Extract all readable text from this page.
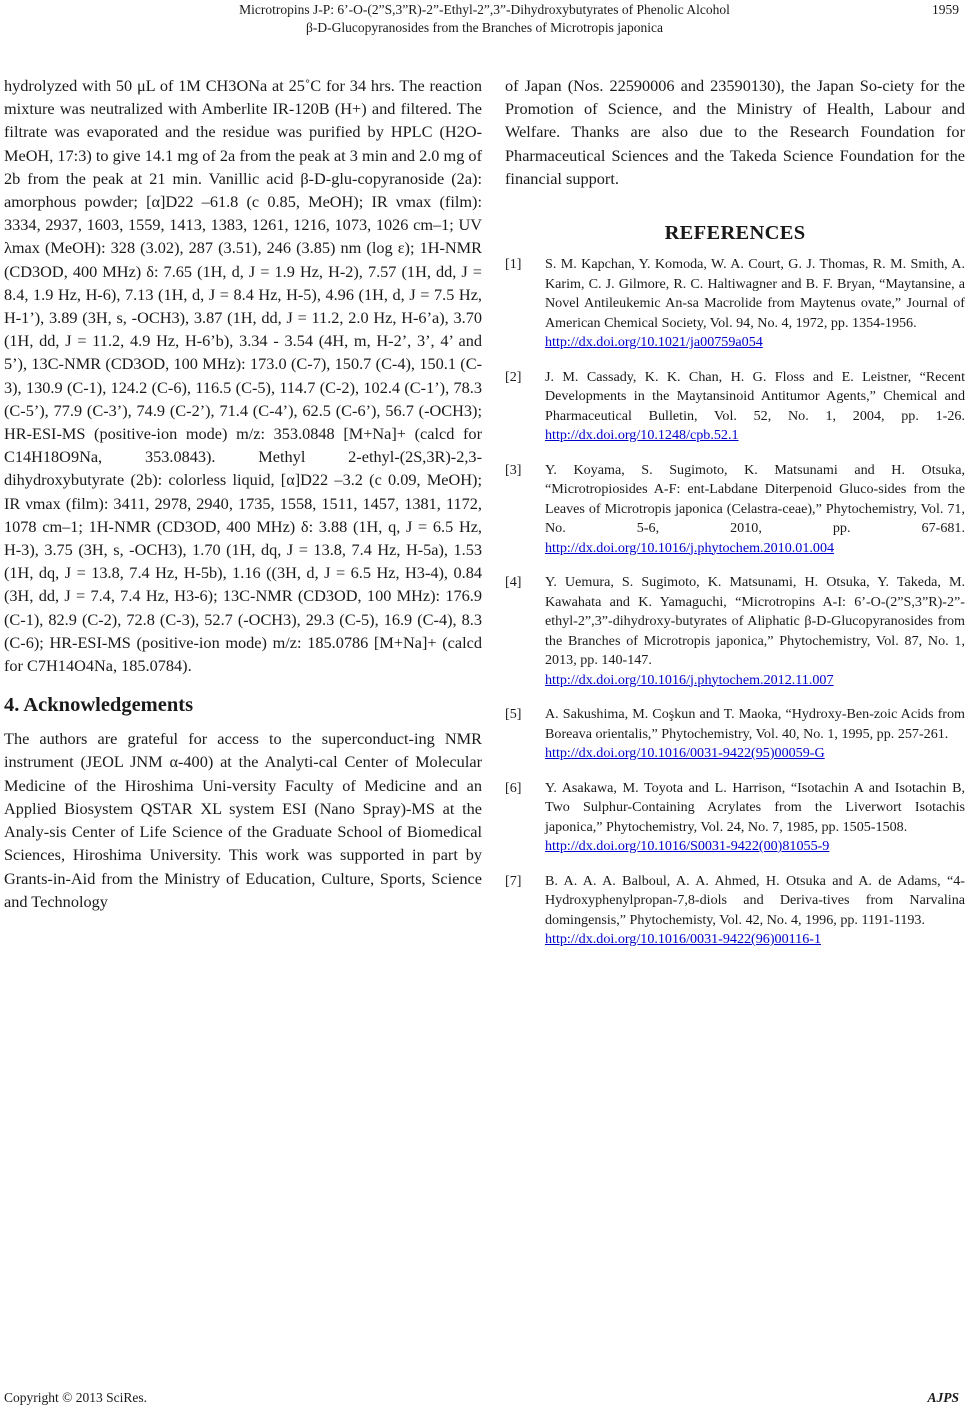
Microtropins J-P: 6’-O-(2”S,3”R)-2”-Ethyl-2”,3”-Dihydroxybutyrates of Phenolic Alcohol
β-D-Glucopyranosides from the Branches of Microtropis japonica
1959

hydrolyzed with 50 μL of 1M CH3ONa at 25˚C for 34 hrs. The reaction mixture was neutralized with Amberlite IR-120B (H+) and filtered. The filtrate was evaporated and the residue was purified by HPLC (H2O-MeOH, 17:3) to give 14.1 mg of 2a from the peak at 3 min and 2.0 mg of 2b from the peak at 21 min. Vanillic acid β-D-glu-copyranoside (2a): amorphous powder; [α]D22 –61.8 (c 0.85, MeOH); IR νmax (film): 3334, 2937, 1603, 1559, 1413, 1383, 1261, 1216, 1073, 1026 cm–1; UV λmax (MeOH): 328 (3.02), 287 (3.51), 246 (3.85) nm (log ε); 1H-NMR (CD3OD, 400 MHz) δ: 7.65 (1H, d, J = 1.9 Hz, H-2), 7.57 (1H, dd, J = 8.4, 1.9 Hz, H-6), 7.13 (1H, d, J = 8.4 Hz, H-5), 4.96 (1H, d, J = 7.5 Hz, H-1’), 3.89 (3H, s, -OCH3), 3.87 (1H, dd, J = 11.2, 2.0 Hz, H-6’a), 3.70 (1H, dd, J = 11.2, 4.9 Hz, H-6’b), 3.34 - 3.54 (4H, m, H-2’, 3’, 4’ and 5’), 13C-NMR (CD3OD, 100 MHz): 173.0 (C-7), 150.7 (C-4), 150.1 (C-3), 130.9 (C-1), 124.2 (C-6), 116.5 (C-5), 114.7 (C-2), 102.4 (C-1’), 78.3 (C-5’), 77.9 (C-3’), 74.9 (C-2’), 71.4 (C-4’), 62.5 (C-6’), 56.7 (-OCH3); HR-ESI-MS (positive-ion mode) m/z: 353.0848 [M+Na]+ (calcd for C14H18O9Na, 353.0843). Methyl 2-ethyl-(2S,3R)-2,3-dihydroxybutyrate (2b): colorless liquid, [α]D22 –3.2 (c 0.09, MeOH); IR νmax (film): 3411, 2978, 2940, 1735, 1558, 1511, 1457, 1381, 1172, 1078 cm–1; 1H-NMR (CD3OD, 400 MHz) δ: 3.88 (1H, q, J = 6.5 Hz, H-3), 3.75 (3H, s, -OCH3), 1.70 (1H, dq, J = 13.8, 7.4 Hz, H-5a), 1.53 (1H, dq, J = 13.8, 7.4 Hz, H-5b), 1.16 ((3H, d, J = 6.5 Hz, H3-4), 0.84 (3H, dd, J = 7.4, 7.4 Hz, H3-6); 13C-NMR (CD3OD, 100 MHz): 176.9 (C-1), 82.9 (C-2), 72.8 (C-3), 52.7 (-OCH3), 29.3 (C-5), 16.9 (C-4), 8.3 (C-6); HR-ESI-MS (positive-ion mode) m/z: 185.0786 [M+Na]+ (calcd for C7H14O4Na, 185.0784).

4. Acknowledgements

The authors are grateful for access to the superconduct-ing NMR instrument (JEOL JNM α-400) at the Analyti-cal Center of Molecular Medicine of the Hiroshima Uni-versity Faculty of Medicine and an Applied Biosystem QSTAR XL system ESI (Nano Spray)-MS at the Analy-sis Center of Life Science of the Graduate School of Biomedical Sciences, Hiroshima University. This work was supported in part by Grants-in-Aid from the Ministry of Education, Culture, Sports, Science and Technology

of Japan (Nos. 22590006 and 23590130), the Japan So-ciety for the Promotion of Science, and the Ministry of Health, Labour and Welfare. Thanks are also due to the Research Foundation for Pharmaceutical Sciences and the Takeda Science Foundation for the financial support.

REFERENCES
[1] S. M. Kapchan, Y. Komoda, W. A. Court, G. J. Thomas, R. M. Smith, A. Karim, C. J. Gilmore, R. C. Haltiwagner and B. F. Bryan, “Maytansine, a Novel Antileukemic An-sa Macrolide from Maytenus ovate,” Journal of American Chemical Society, Vol. 94, No. 4, 1972, pp. 1354-1956.
http://dx.doi.org/10.1021/ja00759a054
[2] J. M. Cassady, K. K. Chan, H. G. Floss and E. Leistner, “Recent Developments in the Maytansinoid Antitumor Agents,” Chemical and Pharmaceutical Bulletin, Vol. 52, No. 1, 2004, pp. 1-26. http://dx.doi.org/10.1248/cpb.52.1
[3] Y. Koyama, S. Sugimoto, K. Matsunami and H. Otsuka, “Microtropiosides A-F: ent-Labdane Diterpenoid Gluco-sides from the Leaves of Microtropis japonica (Celastra-ceae),” Phytochemistry, Vol. 71, No. 5-6, 2010, pp. 67-681. http://dx.doi.org/10.1016/j.phytochem.2010.01.004
[4] Y. Uemura, S. Sugimoto, K. Matsunami, H. Otsuka, Y. Takeda, M. Kawahata and K. Yamaguchi, “Microtropins A-I: 6’-O-(2”S,3”R)-2”-ethyl-2”,3”-dihydroxy-butyrates of Aliphatic β-D-Glucopyranosides from the Branches of Microtropis japonica,” Phytochemistry, Vol. 87, No. 1, 2013, pp. 140-147.
http://dx.doi.org/10.1016/j.phytochem.2012.11.007
[5] A. Sakushima, M. Coşkun and T. Maoka, “Hydroxy-Ben-zoic Acids from Boreava orientalis,” Phytochemistry, Vol. 40, No. 1, 1995, pp. 257-261.
http://dx.doi.org/10.1016/0031-9422(95)00059-G
[6] Y. Asakawa, M. Toyota and L. Harrison, “Isotachin A and Isotachin B, Two Sulphur-Containing Acrylates from the Liverwort Isotachis japonica,” Phytochemistry, Vol. 24, No. 7, 1985, pp. 1505-1508.
http://dx.doi.org/10.1016/S0031-9422(00)81055-9
[7] B. A. A. A. Balboul, A. A. Ahmed, H. Otsuka and A. de Adams, “4-Hydroxyphenylpropan-7,8-diols and Deriva-tives from Narvalina domingensis,” Phytochemisty, Vol. 42, No. 4, 1996, pp. 1191-1193.
http://dx.doi.org/10.1016/0031-9422(96)00116-1
Copyright © 2013 SciRes.	AJPS
